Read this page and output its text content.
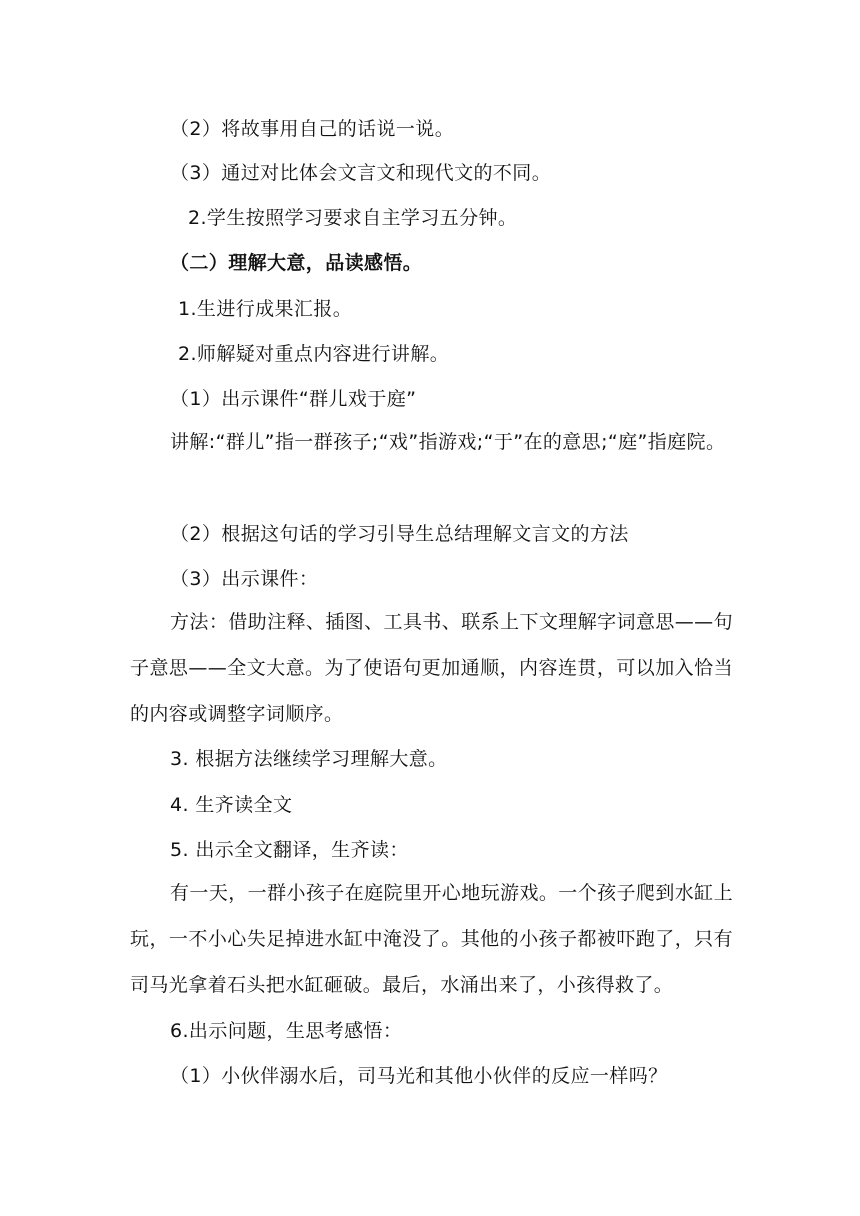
（2）将故事用自己的话说一说。
（3）通过对比体会文言文和现代文的不同。
2.学生按照学习要求自主学习五分钟。
（二）理解大意，品读感悟。
1.生进行成果汇报。
2.师解疑对重点内容进行讲解。
（1）出示课件“群儿戏于庭”
讲解:“群儿”指一群孩子;“戏”指游戏;“于”在的意思;“庭”指庭院。
（2）根据这句话的学习引导生总结理解文言文的方法
（3）出示课件：
方法：借助注释、插图、工具书、联系上下文理解字词意思——句子意思——全文大意。为了使语句更加通顺，内容连贯，可以加入恰当的内容或调整字词顺序。
3. 根据方法继续学习理解大意。
4. 生齐读全文
5. 出示全文翻译，生齐读：
有一天，一群小孩子在庭院里开心地玩游戏。一个孩子爬到水缸上玩，一不小心失足掉进水缸中淹没了。其他的小孩子都被吓跑了，只有司马光拿着石头把水缸砸破。最后，水涌出来了，小孩得救了。
6.出示问题，生思考感悟：
（1）小伙伴溺水后，司马光和其他小伙伴的反应一样吗？
